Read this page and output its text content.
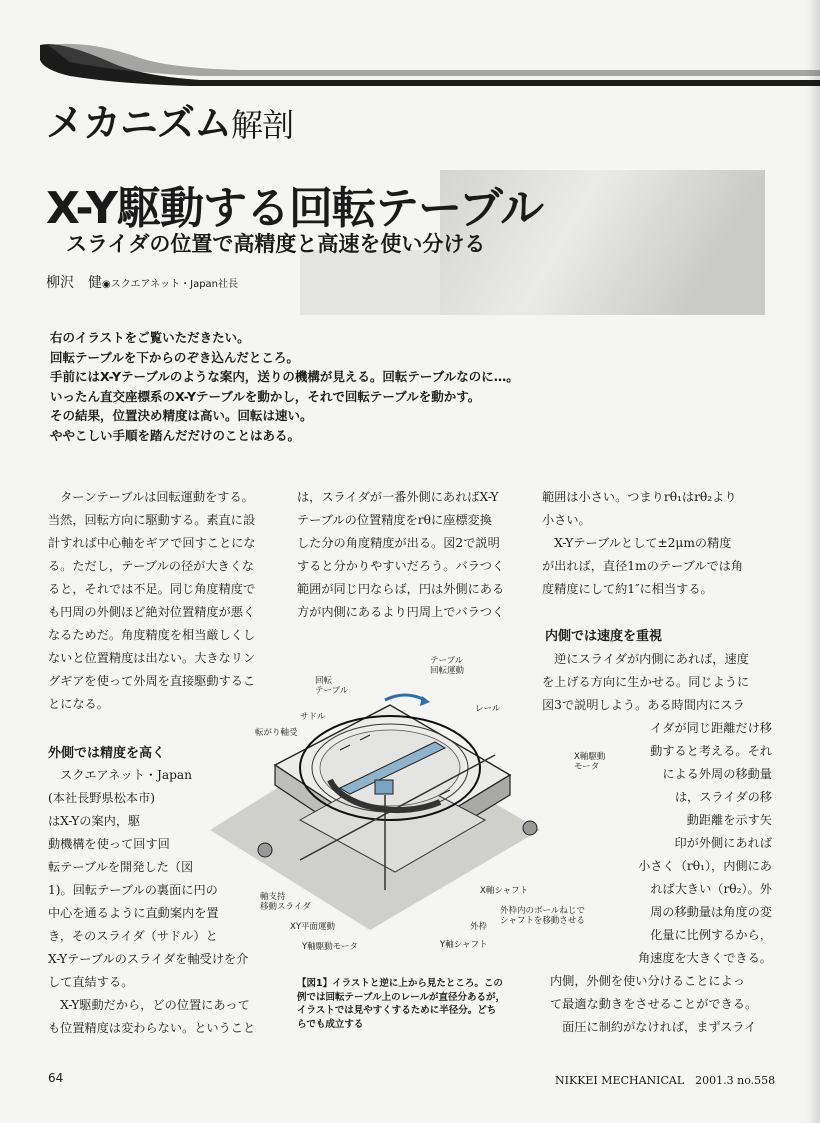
メカニズム解剖
X-Y駆動する回転テーブル
スライダの位置で高精度と高速を使い分ける
柳沢　健◉スクエアネット・Japan社長
右のイラストをご覧いただきたい。
回転テーブルを下からのぞき込んだところ。
手前にはX-Yテーブルのような案内，送りの機構が見える。回転テーブルなのに…。
いったん直交座標系のX-Yテーブルを動かし，それで回転テーブルを動かす。
その結果，位置決め精度は高い。回転は速い。
ややこしい手順を踏んだだけのことはある。
　ターンテーブルは回転運動をする。
当然，回転方向に駆動する。素直に設
計すれば中心軸をギアで回すことにな
る。ただし，テーブルの径が大きくな
ると，それでは不足。同じ角度精度で
も円周の外側ほど絶対位置精度が悪く
なるためだ。角度精度を相当厳しくし
ないと位置精度は出ない。大きなリン
グギアを使って外周を直接駆動するこ
とになる。
外側では精度を高く
　スクエアネット・Japan
(本社長野県松本市)
はX-Yの案内，駆
動機構を使って回す回
転テーブルを開発した（図
1)。回転テーブルの裏面に円の
中心を通るように直動案内を置
き，そのスライダ（サドル）と
X-Yテーブルのスライダを軸受けを介
して直結する。
　X-Y駆動だから，どの位置にあって
も位置精度は変わらない。ということ
は，スライダが一番外側にあればX-Y
テーブルの位置精度をrθに座標変換
した分の角度精度が出る。図2で説明
すると分かりやすいだろう。バラつく
範囲が同じ円ならば，円は外側にある
方が内側にあるより円周上でバラつく
範囲は小さい。つまりrθ₁はrθ₂より
小さい。
　X-Yテーブルとして±2μmの精度
が出れば，直径1mのテーブルでは角
度精度にして約1″に相当する。
内側では速度を重視
　逆にスライダが内側にあれば，速度
を上げる方向に生かせる。同じように
図3で説明しよう。ある時間内にスラ
イダが同じ距離だけ移
動すると考える。それ
による外周の移動量
は，スライダの移
動距離を示す矢
印が外側にあれば
小さく（rθ₁），内側にあ
れば大きい（rθ₂）。外
周の移動量は角度の変
化量に比例するから，
角速度を大きくできる。
内側，外側を使い分けることによっ
て最適な動きをさせることができる。
　面圧に制約がなければ，まずスライ
テーブル
回転運動
回転
テーブル
サドル
レール
転がり軸受
X軸駆動
モータ
X軸シャフト
軸支持
移動スライダ
XY平面運動	外枠
外枠内のボールねじで
シャフトを移動させる
Y軸駆動モータ	Y軸シャフト
【図1】イラストと逆に上から見たところ。この
例では回転テーブル上のレールが直径分あるが，
イラストでは見やすくするために半径分。どち
らでも成立する
64	NIKKEI MECHANICAL　2001.3 no.558
